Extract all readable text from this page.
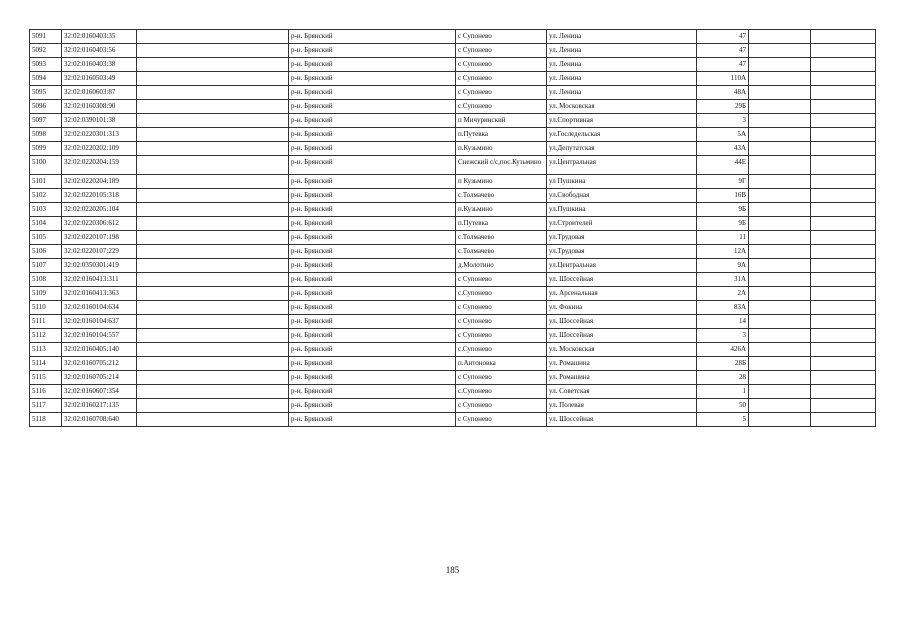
5091	32:02:0160403:35		р-н. Брянский	с Супонево	ул. Ленина	47		
5092	32:02:0160403:56		р-н. Брянский	с Супонево	ул. Ленина	47		
5093	32:02:0160403:38		р-н. Брянский	с Супонево	ул. Ленина	47		
5094	32:02:0160503:49		р-н. Брянский	с Супонево	ул. Ленина	110А		
5095	32:02:0160603:87		р-н. Брянский	с Супонево	ул. Ленина	48А		
5096	32:02:0160308:90		р-н. Брянский	с.Супонево	ул. Московская	29Б		
5097	32:02:0390101:38		р-н. Брянский	п Мичуринский	ул.Спортивная	3		
5098	32:02:0220301:313		р-н. Брянский	п.Путевка	ул.Госледельская	5А		
5099	32:02:0220202:109		р-н. Брянский	п.Кузьмино	ул.Депутатская	43А		
5100	32:02:0220204:159		р-н. Брянский	Снежский с/с,пос.Кузьмино	ул.Центральная	44Е		
5101	32:02:0220204:189		р-н. Брянский	п Кузьмино	ул Пушкина	9Г		
5102	32:02:0220105:318		р-н. Брянский	с.Толмачево	ул.Свободная	16В		
5103	32:02:0220205:104		р-н. Брянский	п.Кузьмино	ул.Пушкина	9Б		
5104	32:02:0220306:612		р-н. Брянский	п.Путевка	ул.Строителей	9Б		
5105	32:02:0220107:198		р-н. Брянский	с.Толмачево	ул.Трудовая	11		
5106	32:02:0220107:229		р-н. Брянский	с.Толмачево	ул.Трудовая	12А		
5107	32:02:0350301:419		р-н. Брянский	д.Молотино	ул.Центральная	9А		
5108	32:02:0160413:311		р-н. Брянский	с Супонево	ул. Шоссейная	31А		
5109	32:02:0160413:363		р-н. Брянский	с.Супонево	ул. Арсенальная	2А		
5110	32:02:0160104:634		р-н. Брянский	с Супонево	ул. Фокина	83А		
5111	32:02:0160104:637		р-н. Брянский	с Супонево	ул. Шоссейная	14		
5112	32:02:0160104:557		р-н. Брянский	с Супонево	ул. Шоссейная	3		
5113	32:02:0160405:140		р-н. Брянский	с.Супонево	ул. Московская	426А		
5114	32:02:0160705:212		р-н. Брянский	п.Антоновка	ул. Ромашина	28Б		
5115	32:02:0160705:214		р-н. Брянский	с Супонево	ул. Ромашина	28		
5116	32:02:0160607:354		р-н. Брянский	с.Супонево	ул. Советская	1		
5117	32:02:0160217:135		р-н. Брянский	с Супонево	ул. Полевая	50		
5118	32:02:0160708:640		р-н. Брянский	с Супонево	ул. Шоссейная	5		
185
